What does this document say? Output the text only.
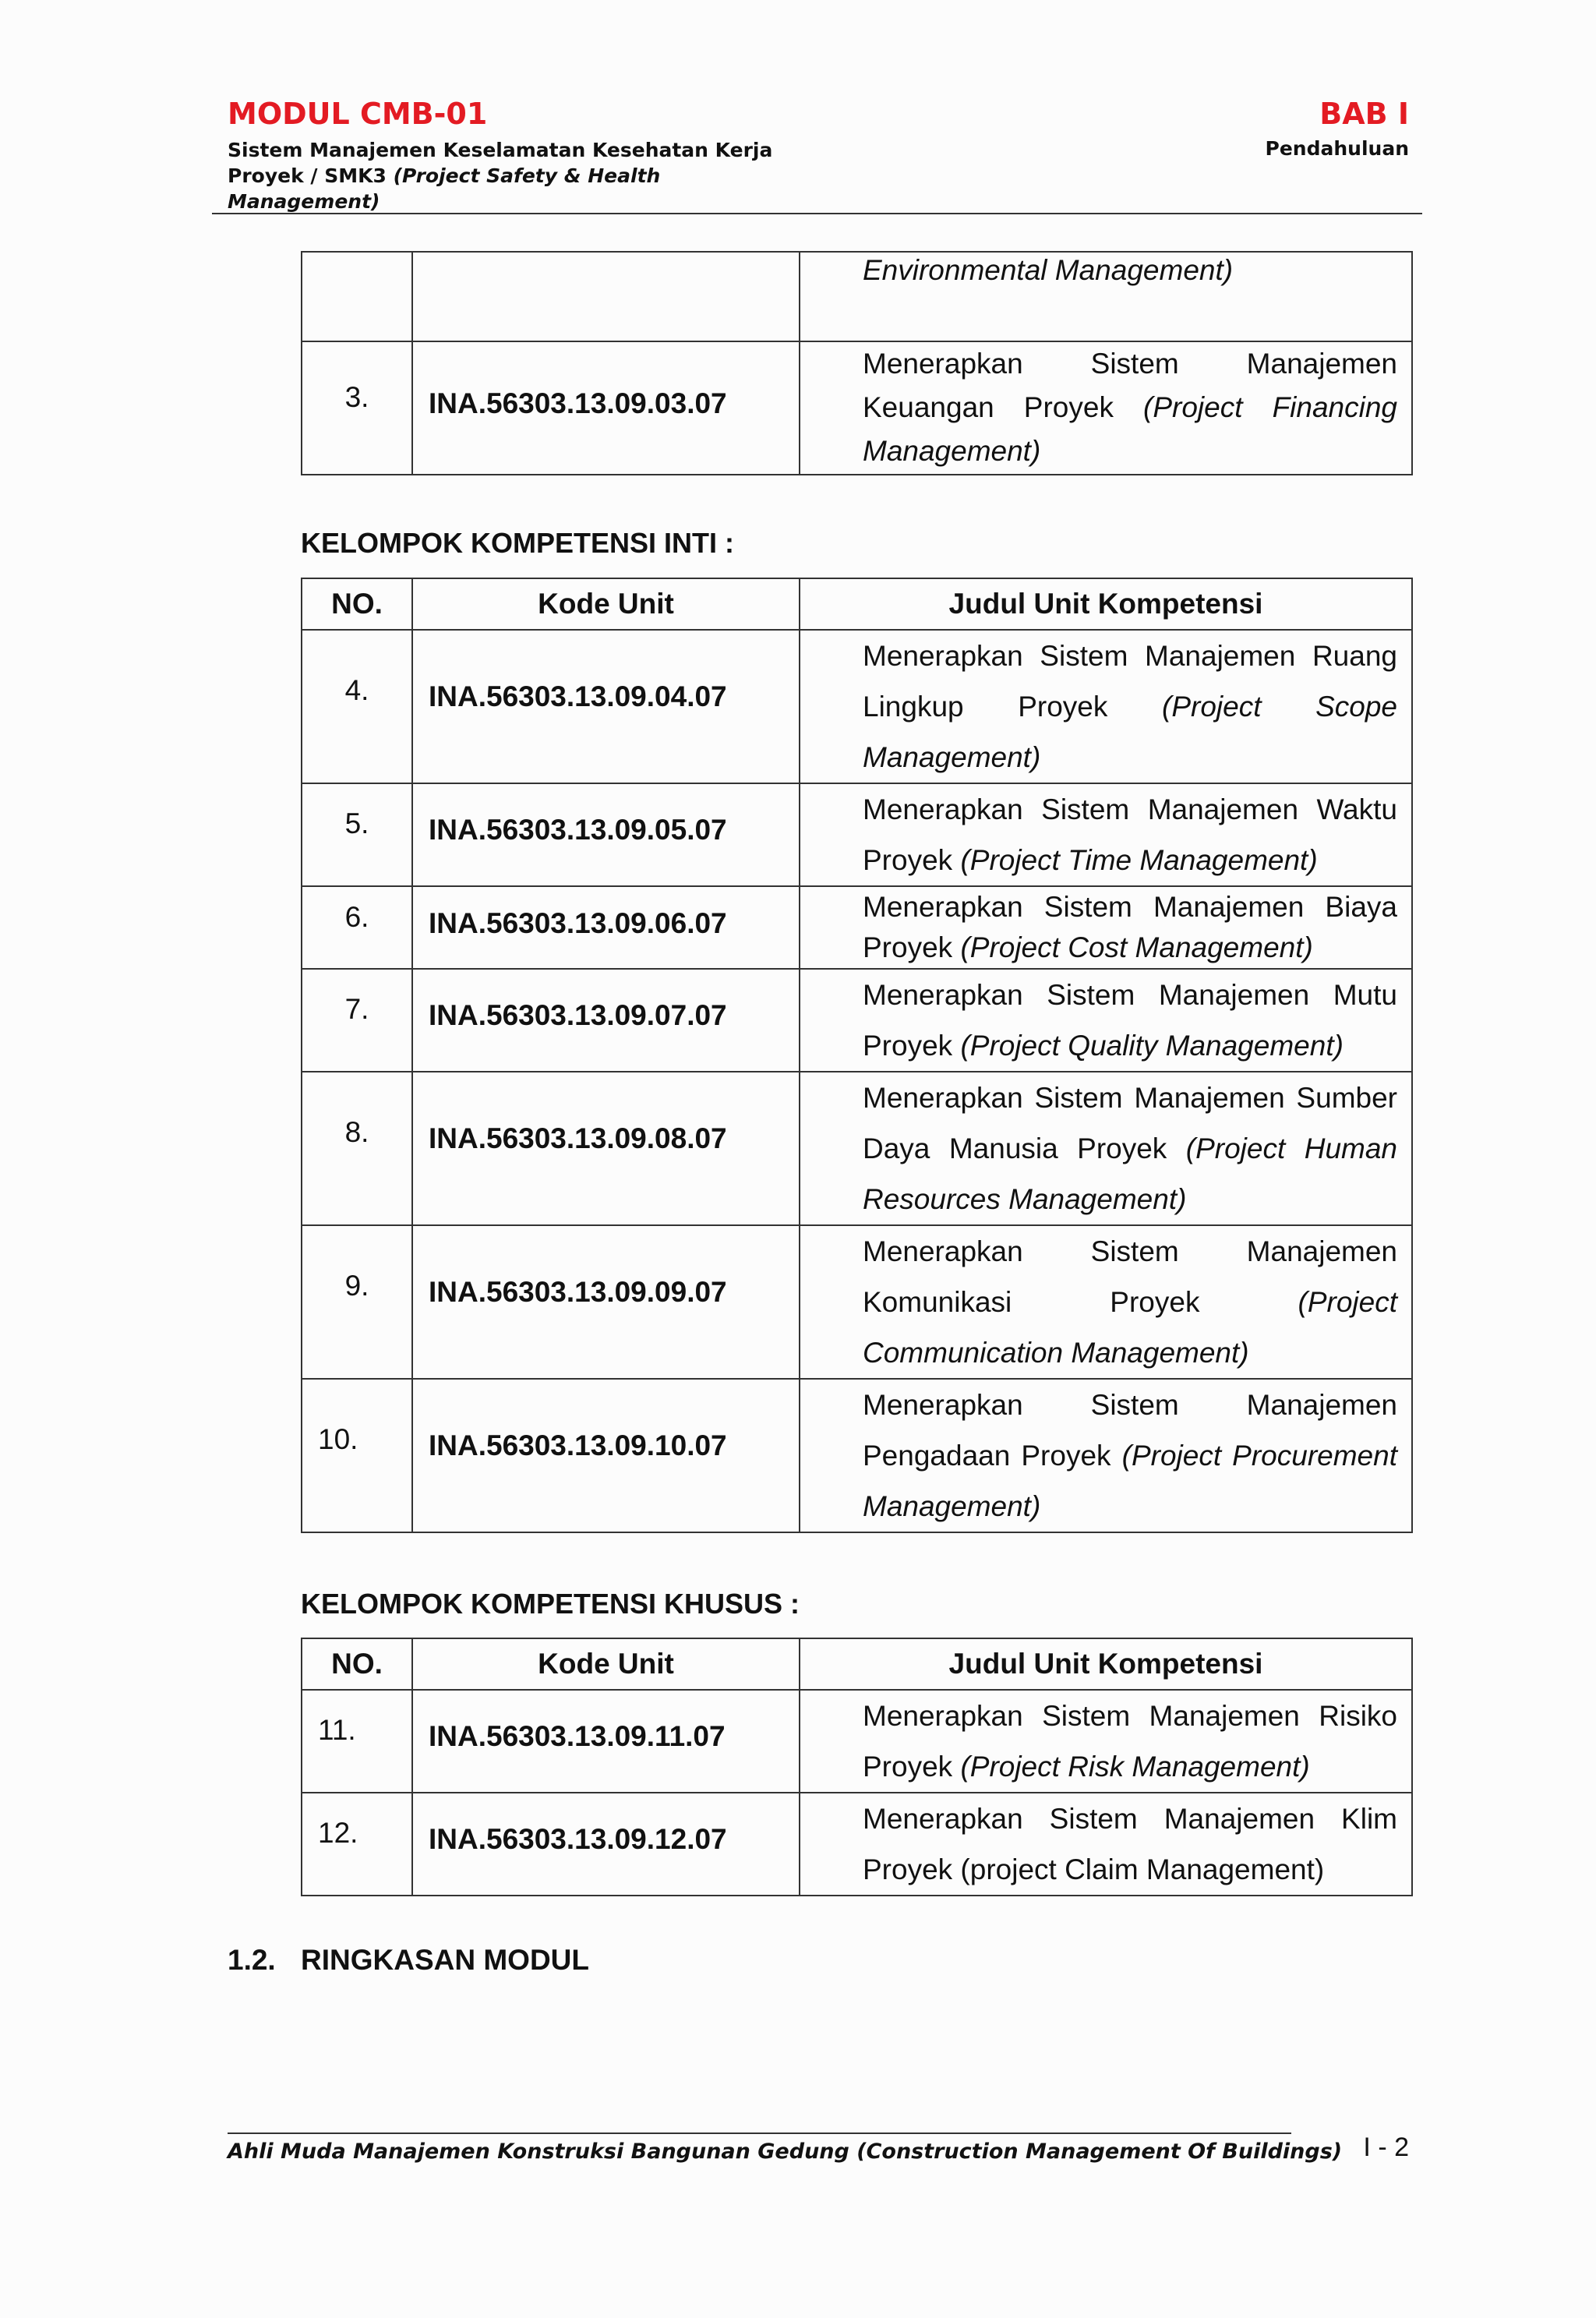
MODUL CMB-01	BAB I
Sistem Manajemen Keselamatan Kesehatan Kerja
Proyek / SMK3 (Project Safety & Health Management)
Pendahuluan
		Environmental Management)
3.	INA.56303.13.09.03.07	Menerapkan Sistem Manajemen Keuangan Proyek (Project Financing Management)
KELOMPOK KOMPETENSI INTI :
NO.	Kode Unit	Judul Unit Kompetensi
4.	INA.56303.13.09.04.07	Menerapkan Sistem Manajemen Ruang Lingkup Proyek (Project Scope Management)
5.	INA.56303.13.09.05.07	Menerapkan Sistem Manajemen Waktu Proyek (Project Time Management)
6.	INA.56303.13.09.06.07	Menerapkan Sistem Manajemen Biaya Proyek (Project Cost Management)
7.	INA.56303.13.09.07.07	Menerapkan Sistem Manajemen Mutu Proyek (Project Quality Management)
8.	INA.56303.13.09.08.07	Menerapkan Sistem Manajemen Sumber Daya Manusia Proyek (Project Human Resources Management)
9.	INA.56303.13.09.09.07	Menerapkan Sistem Manajemen Komunikasi Proyek (Project Communication Management)
10.	INA.56303.13.09.10.07	Menerapkan Sistem Manajemen Pengadaan Proyek (Project Procurement Management)
KELOMPOK KOMPETENSI KHUSUS :
NO.	Kode Unit	Judul Unit Kompetensi
11.	INA.56303.13.09.11.07	Menerapkan Sistem Manajemen Risiko Proyek (Project Risk Management)
12.	INA.56303.13.09.12.07	Menerapkan Sistem Manajemen Klim Proyek (project Claim Management)
1.2. RINGKASAN MODUL
Ahli Muda Manajemen Konstruksi Bangunan Gedung (Construction Management Of Buildings) I - 2
